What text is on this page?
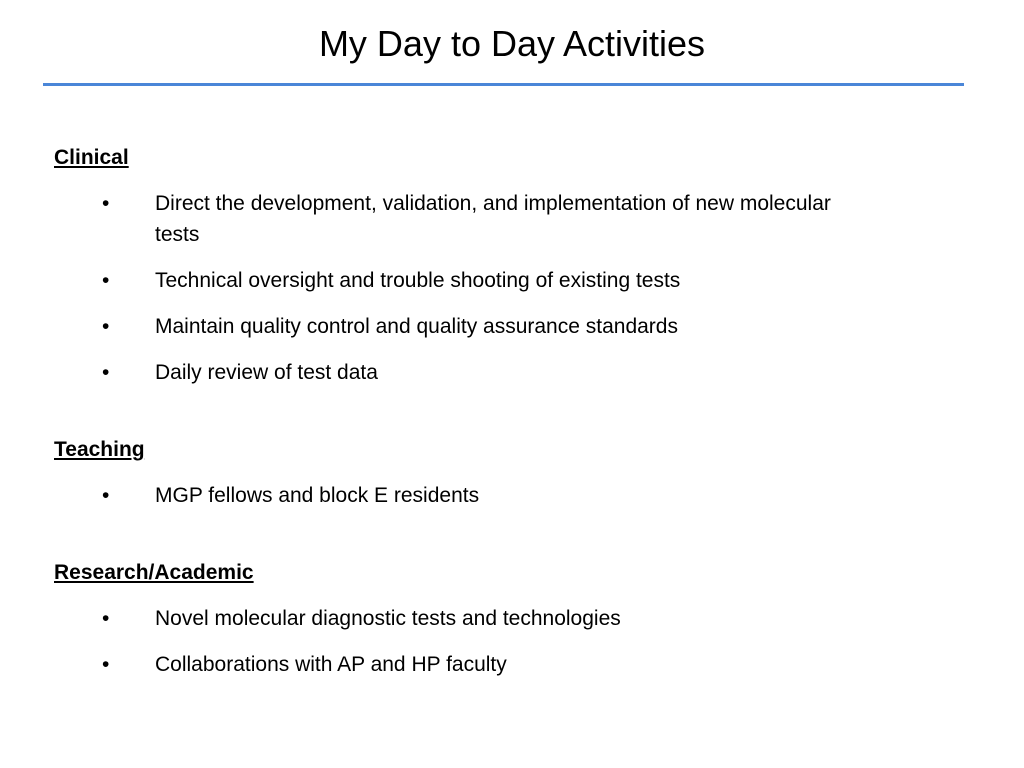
My Day to Day Activities

Clinical

• Direct the development, validation, and implementation of new molecular tests
• Technical oversight and trouble shooting of existing tests
• Maintain quality control and quality assurance standards
• Daily review of test data

Teaching

• MGP fellows and block E residents

Research/Academic

• Novel molecular diagnostic tests and technologies
• Collaborations with AP and HP faculty
